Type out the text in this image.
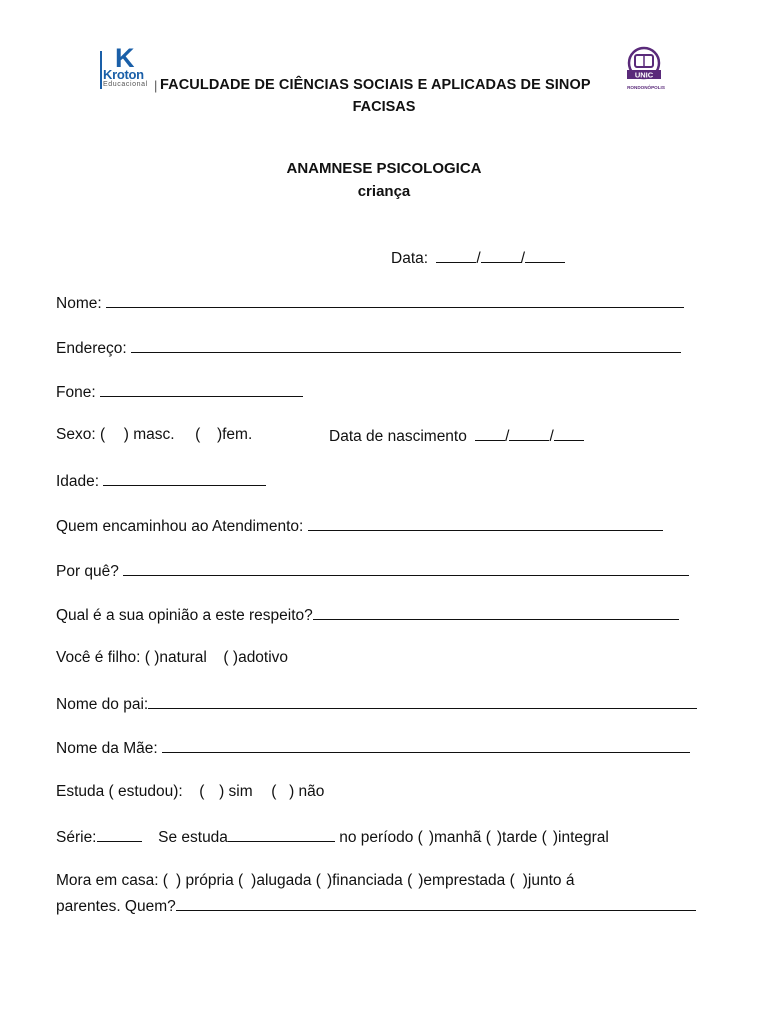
K
Kroton
Educacional | FACULDADE DE CIÊNCIAS SOCIAIS E APLICADAS DE SINOP
UNIC
RONDONÓPOLIS
FACISAS
ANAMNESE PSICOLOGICA
criança
Data:	/	/
Nome:
Endereço:
Fone:
Sexo: ( ) masc. ( )fem.	Data de nascimento /	/
Idade:
Quem encaminhou ao Atendimento:
Por quê?
Qual é a sua opinião a este respeito?
Você é filho: ( )natural ( )adotivo
Nome do pai:
Nome da Mãe:
Estuda ( estudou): ( ) sim ( ) não
Série:	Se estuda	no período ( )manhã ( )tarde ( )integral
Mora em casa: ( ) própria ( )alugada ( )financiada ( )emprestada ( )junto á
parentes. Quem?
